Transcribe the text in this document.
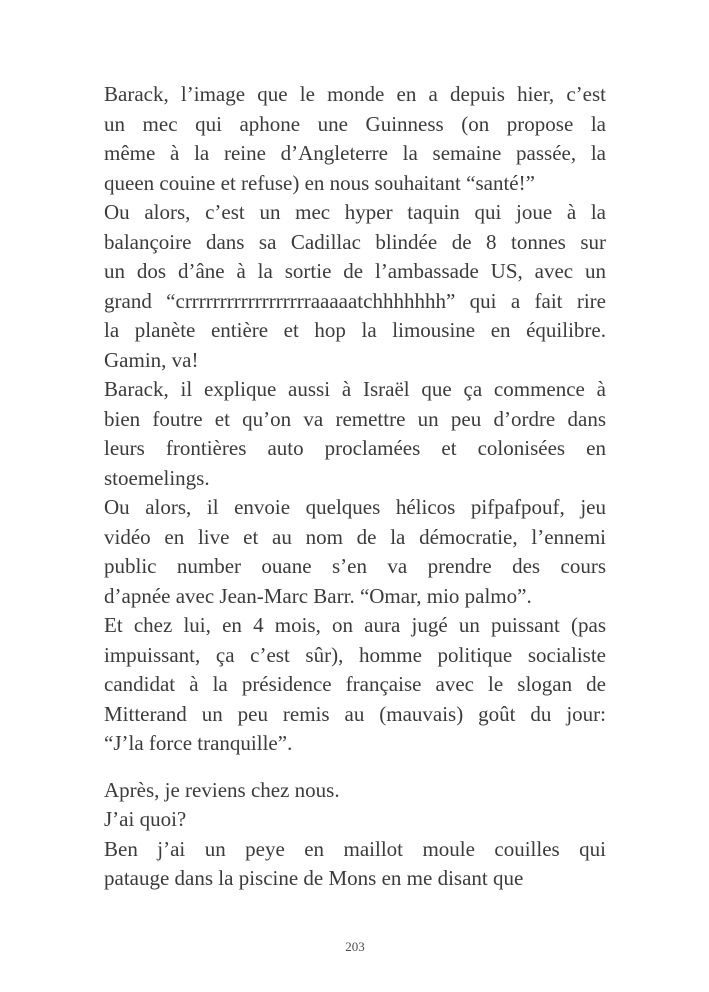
Barack, l’image que le monde en a depuis hier, c’est
un mec qui aphone une Guinness (on propose la
même à la reine d’Angleterre la semaine passée, la
queen couine et refuse) en nous souhaitant “santé!”
Ou alors, c’est un mec hyper taquin qui joue à la
balançoire dans sa Cadillac blindée de 8 tonnes sur
un dos d’âne à la sortie de l’ambassade US, avec un
grand “crrrrrrrrrrrrrrrrrraaaaatchhhhhhh” qui a fait rire
la planète entière et hop la limousine en équilibre.
Gamin, va!
Barack, il explique aussi à Israël que ça commence à
bien foutre et qu’on va remettre un peu d’ordre dans
leurs frontières auto proclamées et colonisées en
stoemelings.
Ou alors, il envoie quelques hélicos pifpafpouf, jeu
vidéo en live et au nom de la démocratie, l’ennemi
public number ouane s’en va prendre des cours
d’apnée avec Jean-Marc Barr. “Omar, mio palmo”.
Et chez lui, en 4 mois, on aura jugé un puissant (pas
impuissant, ça c’est sûr), homme politique socialiste
candidat à la présidence française avec le slogan de
Mitterand un peu remis au (mauvais) goût du jour:
“J’la force tranquille”.
Après, je reviens chez nous.
J’ai quoi?
Ben j’ai un peye en maillot moule couilles qui
patauge dans la piscine de Mons en me disant que
203
